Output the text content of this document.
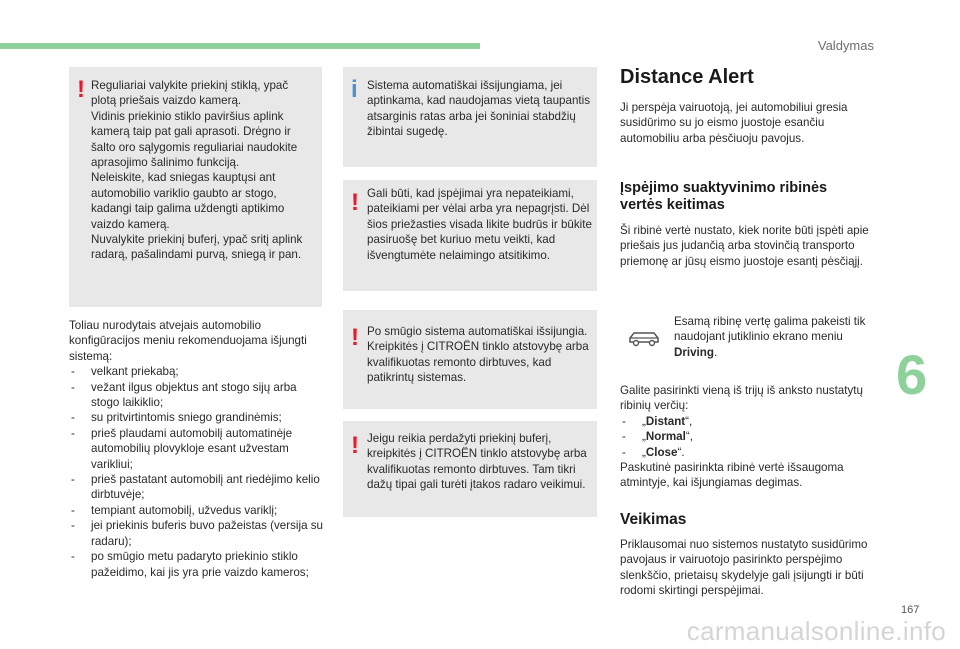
Valdymas
! Reguliariai valykite priekinį stiklą, ypač
plotą priešais vaizdo kamerą.
Vidinis priekinio stiklo paviršius aplink
kamerą taip pat gali aprasoti. Drėgno ir
šalto oro sąlygomis reguliariai naudokite
aprasojimo šalinimo funkciją.
Neleiskite, kad sniegas kauptųsi ant
automobilio variklio gaubto ar stogo,
kadangi taip galima uždengti aptikimo
vaizdo kamerą.
Nuvalykite priekinį buferį, ypač sritį aplink
radarą, pašalindami purvą, sniegą ir pan.

Toliau nurodytais atvejais automobilio konfigūracijos meniu rekomenduojama išjungti sistemą:

- velkant priekabą;
- vežant ilgus objektus ant stogo sijų arba stogo laikiklio;
- su pritvirtintomis sniego grandinėmis;
- prieš plaudami automobilį automatinėje automobilių plovykloje esant užvestam varikliui;
- prieš pastatant automobilį ant riedėjimo kelio dirbtuvėje;
- tempiant automobilį, užvedus variklį;
- jei priekinis buferis buvo pažeistas (versija su radaru);
- po smūgio metu padaryto priekinio stiklo pažeidimo, kai jis yra prie vaizdo kameros;
i Sistema automatiškai išsijungiama, jei aptinkama, kad naudojamas vietą taupantis atsarginis ratas arba jei šoniniai stabdžių žibintai sugedę.

! Gali būti, kad įspėjimai yra nepateikiami, pateikiami per vėlai arba yra nepagrįsti. Dėl šios priežasties visada likite budrūs ir būkite pasiruošę bet kuriuo metu veikti, kad išvengtumėte nelaimingo atsitikimo.

! Po smūgio sistema automatiškai išsijungia. Kreipkitės į CITROËN tinklo atstovybę arba kvalifikuotas remonto dirbtuves, kad patikrintų sistemas.

! Jeigu reikia perdažyti priekinį buferį, kreipkitės į CITROËN tinklo atstovybę arba kvalifikuotas remonto dirbtuves. Tam tikri dažų tipai gali turėti įtakos radaro veikimui.

Distance Alert

Ji perspėja vairuotoją, jei automobiliui gresia susidūrimo su jo eismo juostoje esančiu automobiliu arba pėsčiuoju pavojus.

Įspėjimo suaktyvinimo ribinės vertės keitimas

Ši ribinė vertė nustato, kiek norite būti įspėti apie priešais jus judančią arba stovinčią transporto priemonę ar jūsų eismo juostoje esantį pėsčiąjį.

Esamą ribinę vertę galima pakeisti tik naudojant jutiklinio ekrano meniu Driving.

Galite pasirinkti vieną iš trijų iš anksto nustatytų ribinių verčių:

- „Distant“,
- „Normal“,
- „Close“.

Paskutinė pasirinkta ribinė vertė išsaugoma atmintyje, kai išjungiamas degimas.

Veikimas

Priklausomai nuo sistemos nustatyto susidūrimo pavojaus ir vairuotojo pasirinkto perspėjimo slenkščio, prietaisų skydelyje gali įsijungti ir būti rodomi skirtingi perspėjimai.

6
167
carmanualsonline.info
